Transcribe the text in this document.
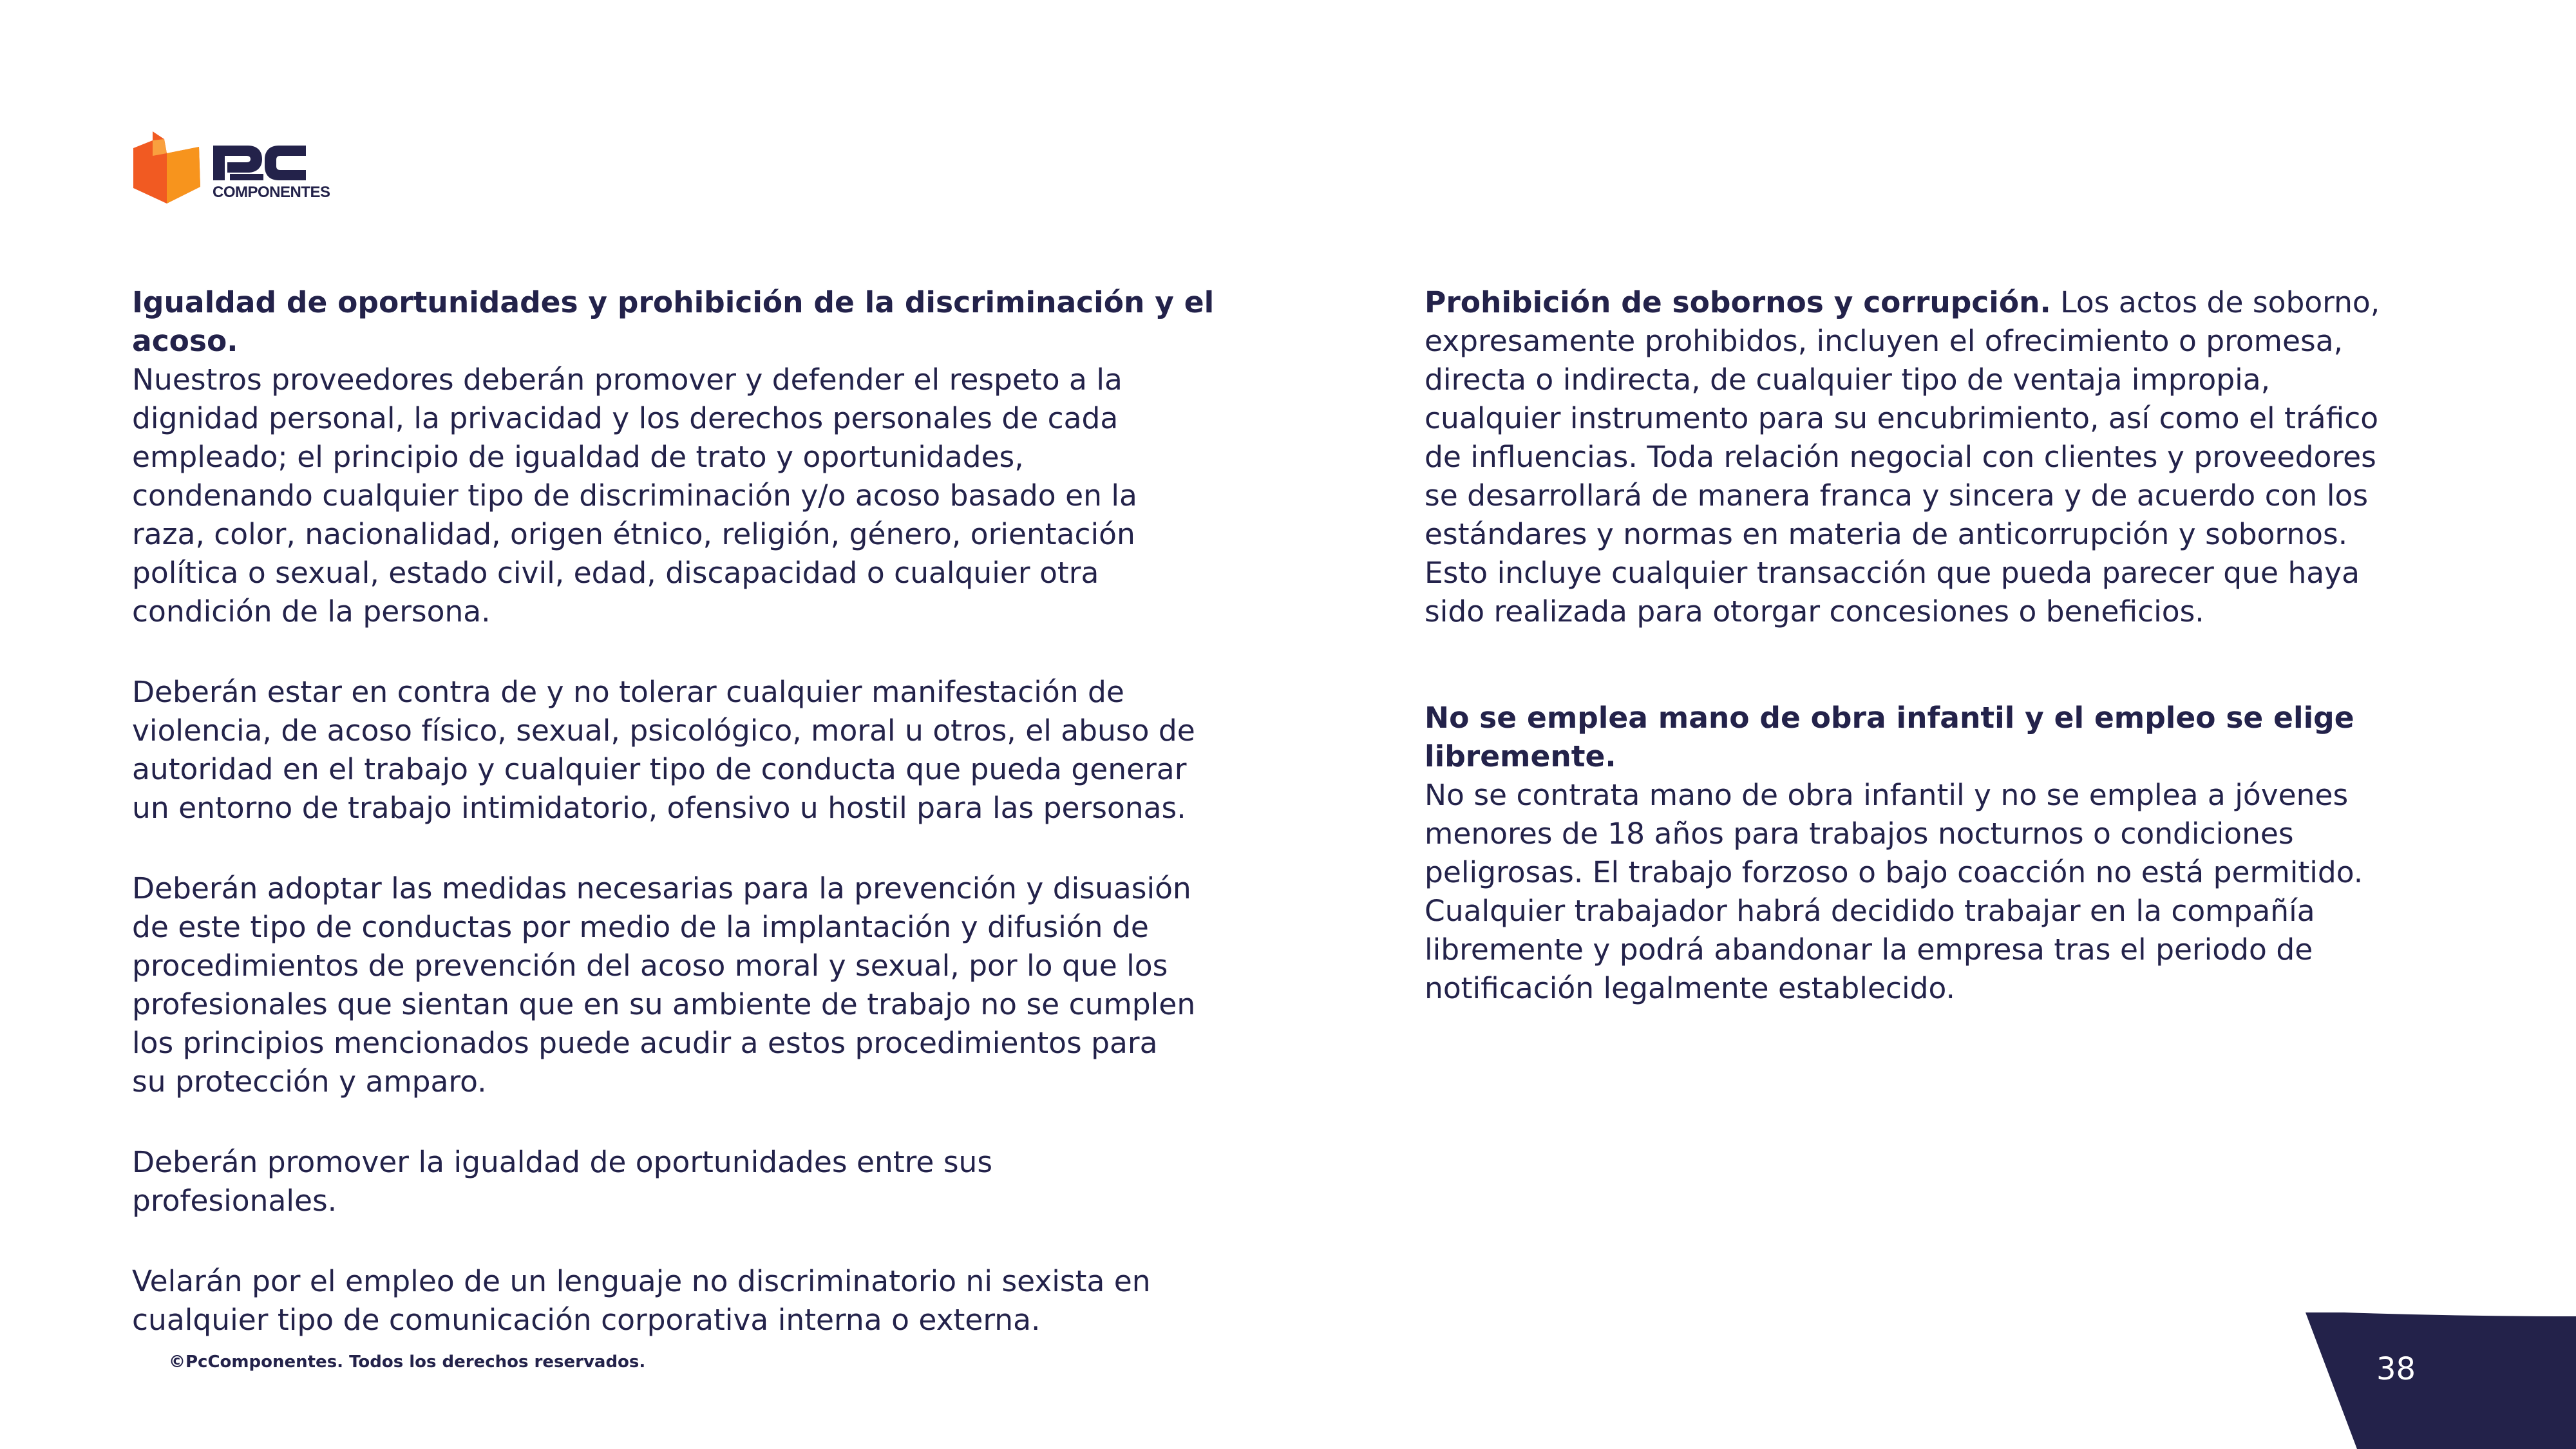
COMPONENTES

Igualdad de oportunidades y prohibición de la discriminación y el acoso.
Nuestros proveedores deberán promover y defender el respeto a la
dignidad personal, la privacidad y los derechos personales de cada
empleado; el principio de igualdad de trato y oportunidades,
condenando cualquier tipo de discriminación y/o acoso basado en la
raza, color, nacionalidad, origen étnico, religión, género, orientación
política o sexual, estado civil, edad, discapacidad o cualquier otra
condición de la persona.

Deberán estar en contra de y no tolerar cualquier manifestación de
violencia, de acoso físico, sexual, psicológico, moral u otros, el abuso de
autoridad en el trabajo y cualquier tipo de conducta que pueda generar
un entorno de trabajo intimidatorio, ofensivo u hostil para las personas.

Deberán adoptar las medidas necesarias para la prevención y disuasión
de este tipo de conductas por medio de la implantación y difusión de
procedimientos de prevención del acoso moral y sexual, por lo que los
profesionales que sientan que en su ambiente de trabajo no se cumplen
los principios mencionados puede acudir a estos procedimientos para
su protección y amparo.

Deberán promover la igualdad de oportunidades entre sus
profesionales.

Velarán por el empleo de un lenguaje no discriminatorio ni sexista en
cualquier tipo de comunicación corporativa interna o externa.

Prohibición de sobornos y corrupción. Los actos de soborno,
expresamente prohibidos, incluyen el ofrecimiento o promesa,
directa o indirecta, de cualquier tipo de ventaja impropia,
cualquier instrumento para su encubrimiento, así como el tráfico
de influencias. Toda relación negocial con clientes y proveedores
se desarrollará de manera franca y sincera y de acuerdo con los
estándares y normas en materia de anticorrupción y sobornos.
Esto incluye cualquier transacción que pueda parecer que haya
sido realizada para otorgar concesiones o beneficios.

No se emplea mano de obra infantil y el empleo se elige libremente.
No se contrata mano de obra infantil y no se emplea a jóvenes
menores de 18 años para trabajos nocturnos o condiciones
peligrosas. El trabajo forzoso o bajo coacción no está permitido.
Cualquier trabajador habrá decidido trabajar en la compañía
libremente y podrá abandonar la empresa tras el periodo de
notificación legalmente establecido.

©PcComponentes. Todos los derechos reservados.	38
